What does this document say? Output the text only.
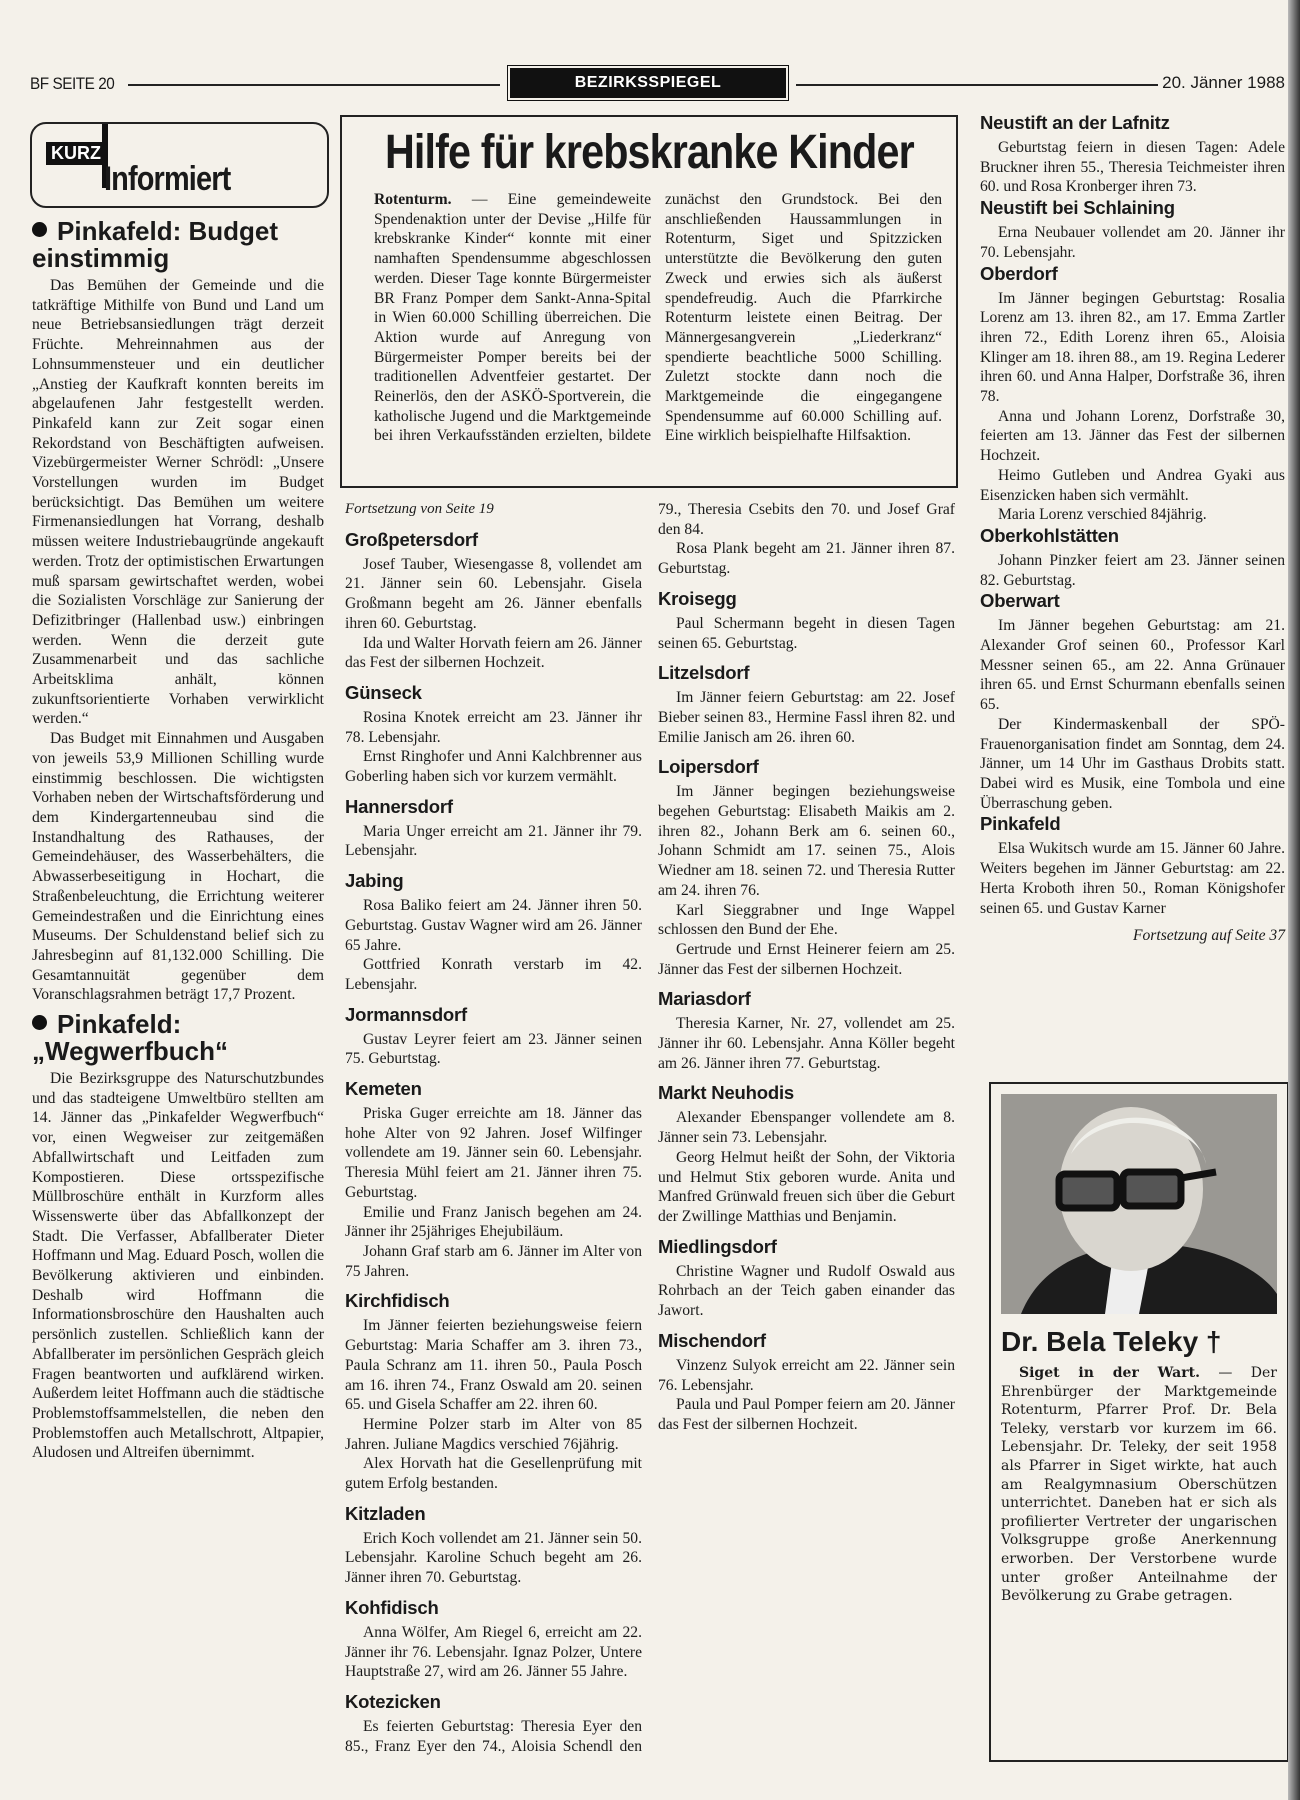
BF SEITE 20	BEZIRKSSPIEGEL	20. Jänner 1988
KURZ
Informiert
Pinkafeld: Budget einstimmig

Das Bemühen der Gemeinde und die tatkräftige Mithilfe von Bund und Land um neue Betriebsansiedlungen trägt derzeit Früchte. Mehreinnahmen aus der Lohnsummensteuer und ein deutlicher „Anstieg der Kaufkraft konnten bereits im abgelaufenen Jahr festgestellt werden. Pinkafeld kann zur Zeit sogar einen Rekordstand von Beschäftigten aufweisen. Vizebürgermeister Werner Schrödl: „Unsere Vorstellungen wurden im Budget berücksichtigt. Das Bemühen um weitere Firmenansiedlungen hat Vorrang, deshalb müssen weitere Industriebaugründe angekauft werden. Trotz der optimistischen Erwartungen muß sparsam gewirtschaftet werden, wobei die Sozialisten Vorschläge zur Sanierung der Defizitbringer (Hallenbad usw.) einbringen werden. Wenn die derzeit gute Zusammenarbeit und das sachliche Arbeitsklima anhält, können zukunftsorientierte Vorhaben verwirklicht werden.“

Das Budget mit Einnahmen und Ausgaben von jeweils 53,9 Millionen Schilling wurde einstimmig beschlossen. Die wichtigsten Vorhaben neben der Wirtschaftsförderung und dem Kindergartenneubau sind die Instandhaltung des Rathauses, der Gemeindehäuser, des Wasserbehälters, die Abwasserbeseitigung in Hochart, die Straßenbeleuchtung, die Errichtung weiterer Gemeindestraßen und die Einrichtung eines Museums. Der Schuldenstand belief sich zu Jahresbeginn auf 81,132.000 Schilling. Die Gesamtannuität gegenüber dem Voranschlagsrahmen beträgt 17,7 Prozent.

Pinkafeld: „Wegwerfbuch“

Die Bezirksgruppe des Naturschutzbundes und das stadteigene Umweltbüro stellten am 14. Jänner das „Pinkafelder Wegwerfbuch“ vor, einen Wegweiser zur zeitgemäßen Abfallwirtschaft und Leitfaden zum Kompostieren. Diese ortsspezifische Müllbroschüre enthält in Kurzform alles Wissenswerte über das Abfallkonzept der Stadt. Die Verfasser, Abfallberater Dieter Hoffmann und Mag. Eduard Posch, wollen die Bevölkerung aktivieren und einbinden. Deshalb wird Hoffmann die Informationsbroschüre den Haushalten auch persönlich zustellen. Schließlich kann der Abfallberater im persönlichen Gespräch gleich Fragen beantworten und aufklärend wirken. Außerdem leitet Hoffmann auch die städtische Problemstoffsammelstellen, die neben den Problemstoffen auch Metallschrott, Altpapier, Aludosen und Altreifen übernimmt.

Hilfe für krebskranke Kinder

Rotenturm. — Eine gemeindeweite Spendenaktion unter der Devise „Hilfe für krebskranke Kinder“ konnte mit einer namhaften Spendensumme abgeschlossen werden. Dieser Tage konnte Bürgermeister BR Franz Pomper dem Sankt-Anna-Spital in Wien 60.000 Schilling überreichen. Die Aktion wurde auf Anregung von Bürgermeister Pomper bereits bei der traditionellen Adventfeier gestartet. Der Reinerlös, den der ASKÖ-Sportverein, die katholische Jugend und die Marktgemeinde bei ihren Verkaufsständen erzielten, bildete zunächst den Grundstock. Bei den anschließenden Haussammlungen in Rotenturm, Siget und Spitzzicken unterstützte die Bevölkerung den guten Zweck und erwies sich als äußerst spendefreudig. Auch die Pfarrkirche Rotenturm leistete einen Beitrag. Der Männergesangverein „Liederkranz“ spendierte beachtliche 5000 Schilling. Zuletzt stockte dann noch die Marktgemeinde die eingegangene Spendensumme auf 60.000 Schilling auf. Eine wirklich beispielhafte Hilfsaktion.

Fortsetzung von Seite 19

Großpetersdorf

Josef Tauber, Wiesengasse 8, vollendet am 21. Jänner sein 60. Lebensjahr. Gisela Großmann begeht am 26. Jänner ebenfalls ihren 60. Geburtstag.

Ida und Walter Horvath feiern am 26. Jänner das Fest der silbernen Hochzeit.

Günseck

Rosina Knotek erreicht am 23. Jänner ihr 78. Lebensjahr.

Ernst Ringhofer und Anni Kalchbrenner aus Goberling haben sich vor kurzem vermählt.

Hannersdorf

Maria Unger erreicht am 21. Jänner ihr 79. Lebensjahr.

Jabing

Rosa Baliko feiert am 24. Jänner ihren 50. Geburtstag. Gustav Wagner wird am 26. Jänner 65 Jahre.

Gottfried Konrath verstarb im 42. Lebensjahr.

Jormannsdorf

Gustav Leyrer feiert am 23. Jänner seinen 75. Geburtstag.

Kemeten

Priska Guger erreichte am 18. Jänner das hohe Alter von 92 Jahren. Josef Wilfinger vollendete am 19. Jänner sein 60. Lebensjahr. Theresia Mühl feiert am 21. Jänner ihren 75. Geburtstag.

Emilie und Franz Janisch begehen am 24. Jänner ihr 25jähriges Ehejubiläum.

Johann Graf starb am 6. Jänner im Alter von 75 Jahren.

Kirchfidisch

Im Jänner feierten beziehungsweise feiern Geburtstag: Maria Schaffer am 3. ihren 73., Paula Schranz am 11. ihren 50., Paula Posch am 16. ihren 74., Franz Oswald am 20. seinen 65. und Gisela Schaffer am 22. ihren 60.

Hermine Polzer starb im Alter von 85 Jahren. Juliane Magdics verschied 76jährig.

Alex Horvath hat die Gesellenprüfung mit gutem Erfolg bestanden.

Kitzladen

Erich Koch vollendet am 21. Jänner sein 50. Lebensjahr. Karoline Schuch begeht am 26. Jänner ihren 70. Geburtstag.

Kohfidisch

Anna Wölfer, Am Riegel 6, erreicht am 22. Jänner ihr 76. Lebensjahr. Ignaz Polzer, Untere Hauptstraße 27, wird am 26. Jänner 55 Jahre.

Kotezicken

Es feierten Geburtstag: Theresia Eyer den 85., Franz Eyer den 74., Aloisia Schendl den 79., Theresia Csebits den 70. und Josef Graf den 84.

Rosa Plank begeht am 21. Jänner ihren 87. Geburtstag.

Kroisegg

Paul Schermann begeht in diesen Tagen seinen 65. Geburtstag.

Litzelsdorf

Im Jänner feiern Geburtstag: am 22. Josef Bieber seinen 83., Hermine Fassl ihren 82. und Emilie Janisch am 26. ihren 60.

Loipersdorf

Im Jänner begingen beziehungsweise begehen Geburtstag: Elisabeth Maikis am 2. ihren 82., Johann Berk am 6. seinen 60., Johann Schmidt am 17. seinen 75., Alois Wiedner am 18. seinen 72. und Theresia Rutter am 24. ihren 76.

Karl Sieggrabner und Inge Wappel schlossen den Bund der Ehe.

Gertrude und Ernst Heinerer feiern am 25. Jänner das Fest der silbernen Hochzeit.

Mariasdorf

Theresia Karner, Nr. 27, vollendet am 25. Jänner ihr 60. Lebensjahr. Anna Köller begeht am 26. Jänner ihren 77. Geburtstag.

Markt Neuhodis

Alexander Ebenspanger vollendete am 8. Jänner sein 73. Lebensjahr.

Georg Helmut heißt der Sohn, der Viktoria und Helmut Stix geboren wurde. Anita und Manfred Grünwald freuen sich über die Geburt der Zwillinge Matthias und Benjamin.

Miedlingsdorf

Christine Wagner und Rudolf Oswald aus Rohrbach an der Teich gaben einander das Jawort.

Mischendorf

Vinzenz Sulyok erreicht am 22. Jänner sein 76. Lebensjahr.

Paula und Paul Pomper feiern am 20. Jänner das Fest der silbernen Hochzeit.

Neustift an der Lafnitz

Geburtstag feiern in diesen Tagen: Adele Bruckner ihren 55., Theresia Teichmeister ihren 60. und Rosa Kronberger ihren 73.

Neustift bei Schlaining

Erna Neubauer vollendet am 20. Jänner ihr 70. Lebensjahr.

Oberdorf

Im Jänner begingen Geburtstag: Rosalia Lorenz am 13. ihren 82., am 17. Emma Zartler ihren 72., Edith Lorenz ihren 65., Aloisia Klinger am 18. ihren 88., am 19. Regina Lederer ihren 60. und Anna Halper, Dorfstraße 36, ihren 78.

Anna und Johann Lorenz, Dorfstraße 30, feierten am 13. Jänner das Fest der silbernen Hochzeit.

Heimo Gutleben und Andrea Gyaki aus Eisenzicken haben sich vermählt.

Maria Lorenz verschied 84jährig.

Oberkohlstätten

Johann Pinzker feiert am 23. Jänner seinen 82. Geburtstag.

Oberwart

Im Jänner begehen Geburtstag: am 21. Alexander Grof seinen 60., Professor Karl Messner seinen 65., am 22. Anna Grünauer ihren 65. und Ernst Schurmann ebenfalls seinen 65.

Der Kindermaskenball der SPÖ-Frauenorganisation findet am Sonntag, dem 24. Jänner, um 14 Uhr im Gasthaus Drobits statt. Dabei wird es Musik, eine Tombola und eine Überraschung geben.

Pinkafeld

Elsa Wukitsch wurde am 15. Jänner 60 Jahre. Weiters begehen im Jänner Geburtstag: am 22. Herta Kroboth ihren 50., Roman Königshofer seinen 65. und Gustav Karner

Fortsetzung auf Seite 37
Dr. Bela Teleky †

Siget in der Wart. — Der Ehrenbürger der Marktgemeinde Rotenturm, Pfarrer Prof. Dr. Bela Teleky, verstarb vor kurzem im 66. Lebensjahr. Dr. Teleky, der seit 1958 als Pfarrer in Siget wirkte, hat auch am Realgymnasium Oberschützen unterrichtet. Daneben hat er sich als profilierter Vertreter der ungarischen Volksgruppe große Anerkennung erworben. Der Verstorbene wurde unter großer Anteilnahme der Bevölkerung zu Grabe getragen.
